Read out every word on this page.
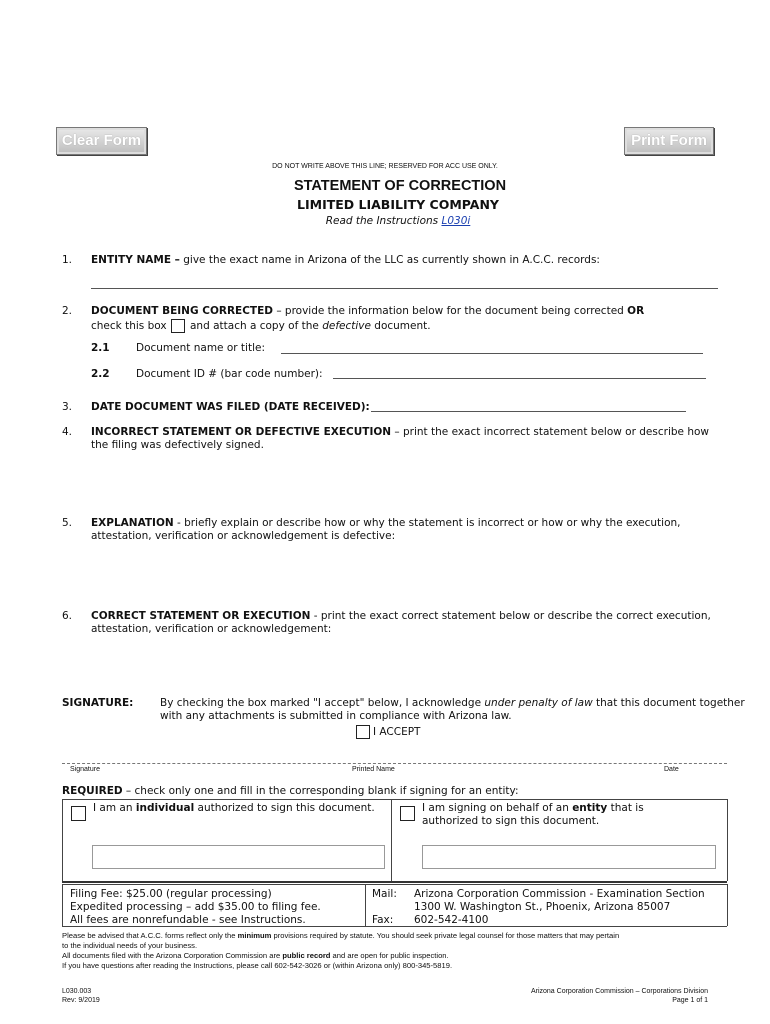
Clear Form	Print Form
DO NOT WRITE ABOVE THIS LINE; RESERVED FOR ACC USE ONLY.
STATEMENT OF CORRECTION
LIMITED LIABILITY COMPANY
Read the Instructions L030i
1. ENTITY NAME – give the exact name in Arizona of the LLC as currently shown in A.C.C. records:
2. DOCUMENT BEING CORRECTED – provide the information below for the document being corrected OR
check this box and attach a copy of the defective document.
2.1	Document name or title:
2.2	Document ID # (bar code number):
3. DATE DOCUMENT WAS FILED (DATE RECEIVED):
4. INCORRECT STATEMENT OR DEFECTIVE EXECUTION – print the exact incorrect statement below or describe how
the filing was defectively signed.
5. EXPLANATION - briefly explain or describe how or why the statement is incorrect or how or why the execution,
attestation, verification or acknowledgement is defective:
6. CORRECT STATEMENT OR EXECUTION - print the exact correct statement below or describe the correct execution,
attestation, verification or acknowledgement:
SIGNATURE:	By checking the box marked "I accept" below, I acknowledge under penalty of law that this document together
with any attachments is submitted in compliance with Arizona law.
I ACCEPT
Signature	Printed Name	Date
REQUIRED – check only one and fill in the corresponding blank if signing for an entity:
I am an individual authorized to sign this document.	I am signing on behalf of an entity that is
authorized to sign this document.
Filing Fee: $25.00 (regular processing)
Expedited processing – add $35.00 to filing fee.
All fees are nonrefundable - see Instructions.
Mail: Arizona Corporation Commission - Examination Section
1300 W. Washington St., Phoenix, Arizona 85007
Fax: 602-542-4100
Please be advised that A.C.C. forms reflect only the minimum provisions required by statute. You should seek private legal counsel for those matters that may pertain
to the individual needs of your business.
All documents filed with the Arizona Corporation Commission are public record and are open for public inspection.
If you have questions after reading the Instructions, please call 602-542-3026 or (within Arizona only) 800-345-5819.
L030.003
Rev: 9/2019
Arizona Corporation Commission – Corporations Division
Page 1 of 1
